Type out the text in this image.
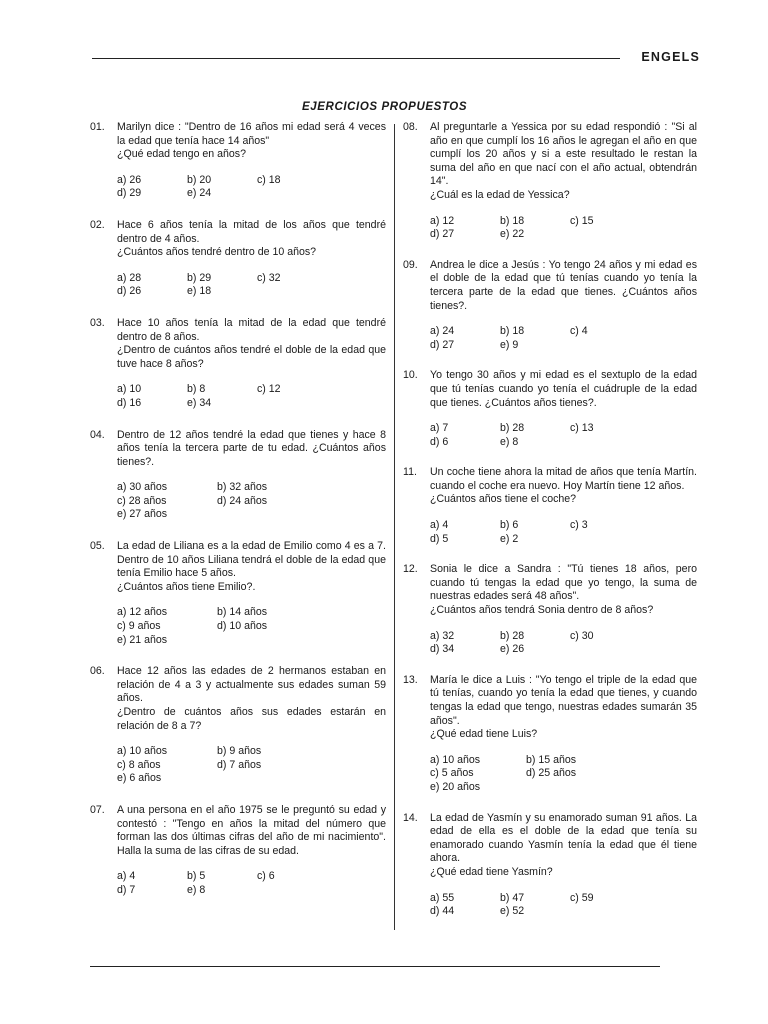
ENGELS
EJERCICIOS PROPUESTOS
01. Marilyn dice : "Dentro de 16 años mi edad será 4 veces la edad que tenía hace 14 años"
¿Qué edad tengo en años?
a) 26	b) 20	c) 18
d) 29	e) 24
02. Hace 6 años tenía la mitad de los años que tendré dentro de 4 años.
¿Cuántos años tendré dentro de 10 años?
a) 28	b) 29	c) 32
d) 26	e) 18
03. Hace 10 años tenía la mitad de la edad que tendré dentro de 8 años.
¿Dentro de cuántos años tendré el doble de la edad que tuve hace 8 años?
a) 10	b) 8	c) 12
d) 16	e) 34
04. Dentro de 12 años tendré la edad que tienes y hace 8 años tenía la tercera parte de tu edad. ¿Cuántos años tienes?.
a) 30 años	b) 32 años
c) 28 años	d) 24 años
e) 27 años
05. La edad de Liliana es a la edad de Emilio como 4 es a 7. Dentro de 10 años Liliana tendrá el doble de la edad que tenía Emilio hace 5 años.
¿Cuántos años tiene Emilio?.
a) 12 años	b) 14 años
c) 9 años	d) 10 años
e) 21 años
06. Hace 12 años las edades de 2 hermanos estaban en relación de 4 a 3 y actualmente sus edades suman 59 años.
¿Dentro de cuántos años sus edades estarán en relación de 8 a 7?
a) 10 años	b) 9 años
c) 8 años	d) 7 años
e) 6 años
07. A una persona en el año 1975 se le preguntó su edad y contestó : "Tengo en años la mitad del número que forman las dos últimas cifras del año de mi nacimiento". Halla la suma de las cifras de su edad.
a) 4	b) 5	c) 6
d) 7	e) 8
08. Al preguntarle a Yessica por su edad respondió : "Si al año en que cumplí los 16 años le agregan el año en que cumplí los 20 años y si a este resultado le restan la suma del año en que nací con el año actual, obtendrán 14".
¿Cuál es la edad de Yessica?
a) 12	b) 18	c) 15
d) 27	e) 22
09. Andrea le dice a Jesús : Yo tengo 24 años y mi edad es el doble de la edad que tú tenías cuando yo tenía la tercera parte de la edad que tienes. ¿Cuántos años tienes?.
a) 24	b) 18	c) 4
d) 27	e) 9
10. Yo tengo 30 años y mi edad es el sextuplo de la edad que tú tenías cuando yo tenía el cuádruple de la edad que tienes. ¿Cuántos años tienes?.
a) 7	b) 28	c) 13
d) 6	e) 8
11. Un coche tiene ahora la mitad de años que tenía Martín. cuando el coche era nuevo. Hoy Martín tiene 12 años.
¿Cuántos años tiene el coche?
a) 4	b) 6	c) 3
d) 5	e) 2
12. Sonia le dice a Sandra : "Tú tienes 18 años, pero cuando tú tengas la edad que yo tengo, la suma de nuestras edades será 48 años".
¿Cuántos años tendrá Sonia dentro de 8 años?
a) 32	b) 28	c) 30
d) 34	e) 26
13. María le dice a Luis : "Yo tengo el triple de la edad que tú tenías, cuando yo tenía la edad que tienes, y cuando tengas la edad que tengo, nuestras edades sumarán 35 años".
¿Qué edad tiene Luis?
a) 10 años	b) 15 años
c) 5 años	d) 25 años
e) 20 años
14. La edad de Yasmín y su enamorado suman 91 años. La edad de ella es el doble de la edad que tenía su enamorado cuando Yasmín tenía la edad que él tiene ahora.
¿Qué edad tiene Yasmín?
a) 55	b) 47	c) 59
d) 44	e) 52
